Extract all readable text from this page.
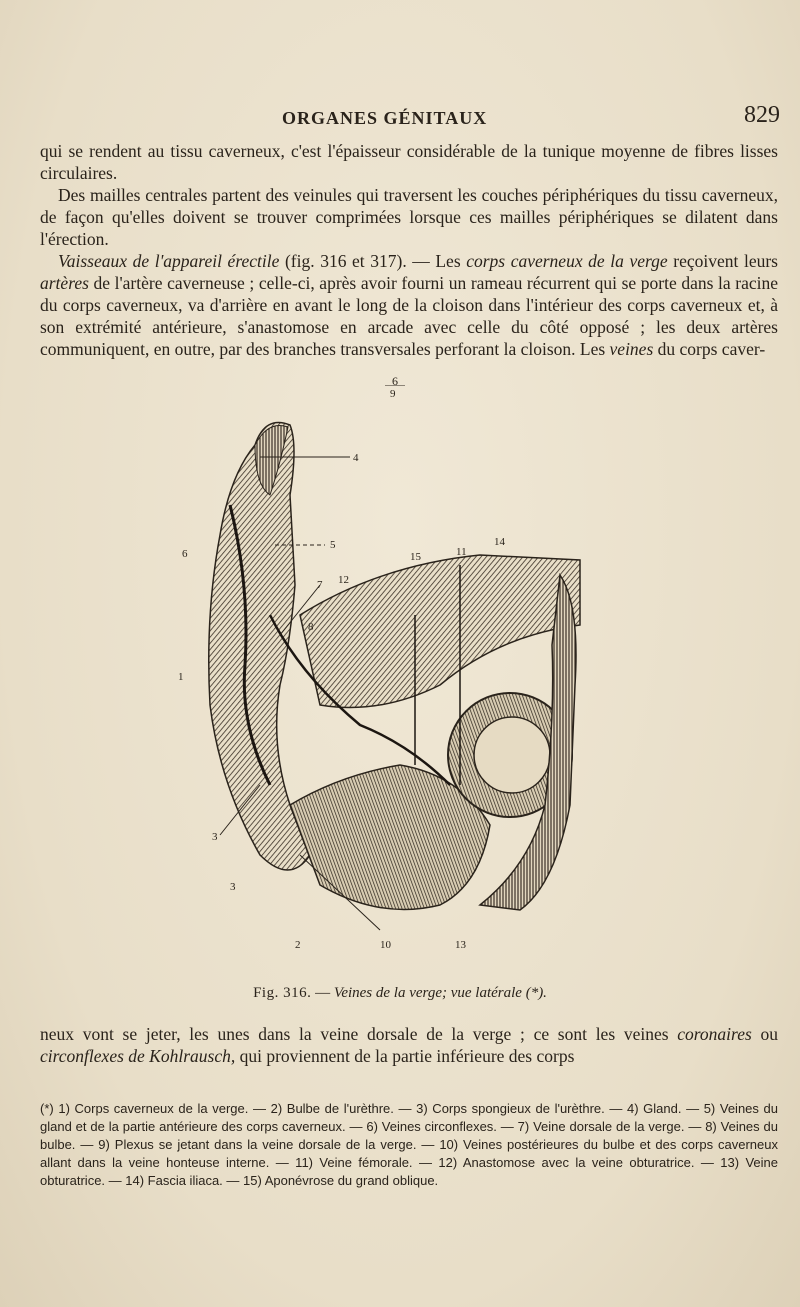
ORGANES GÉNITAUX	829

qui se rendent au tissu caverneux, c'est l'épaisseur considérable de la tunique moyenne de fibres lisses circulaires.

Des mailles centrales partent des veinules qui traversent les couches périphériques du tissu caverneux, de façon qu'elles doivent se trouver comprimées lorsque ces mailles périphériques se dilatent dans l'érection.

Vaisseaux de l'appareil érectile (fig. 316 et 317). — Les corps caverneux de la verge reçoivent leurs artères de l'artère caverneuse ; celle-ci, après avoir fourni un rameau récurrent qui se porte dans la racine du corps caverneux, va d'arrière en avant le long de la cloison dans l'intérieur des corps caverneux et, à son extrémité antérieure, s'anastomose en arcade avec celle du côté opposé ; les deux artères communiquent, en outre, par des branches transversales perforant la cloison. Les veines du corps caver-

6
9
4
5
6
1
7 12
8
15	11
14
3
3
2	10	13
Fig. 316. — Veines de la verge; vue latérale (*).

neux vont se jeter, les unes dans la veine dorsale de la verge ; ce sont les veines coronaires ou circonflexes de Kohlrausch, qui proviennent de la partie inférieure des corps

(*) 1) Corps caverneux de la verge. — 2) Bulbe de l'urèthre. — 3) Corps spongieux de l'urèthre. — 4) Gland. — 5) Veines du gland et de la partie antérieure des corps caverneux. — 6) Veines circonflexes. — 7) Veine dorsale de la verge. — 8) Veines du bulbe. — 9) Plexus se jetant dans la veine dorsale de la verge. — 10) Veines postérieures du bulbe et des corps caverneux allant dans la veine honteuse interne. — 11) Veine fémorale. — 12) Anastomose avec la veine obturatrice. — 13) Veine obturatrice. — 14) Fascia iliaca. — 15) Aponévrose du grand oblique.
